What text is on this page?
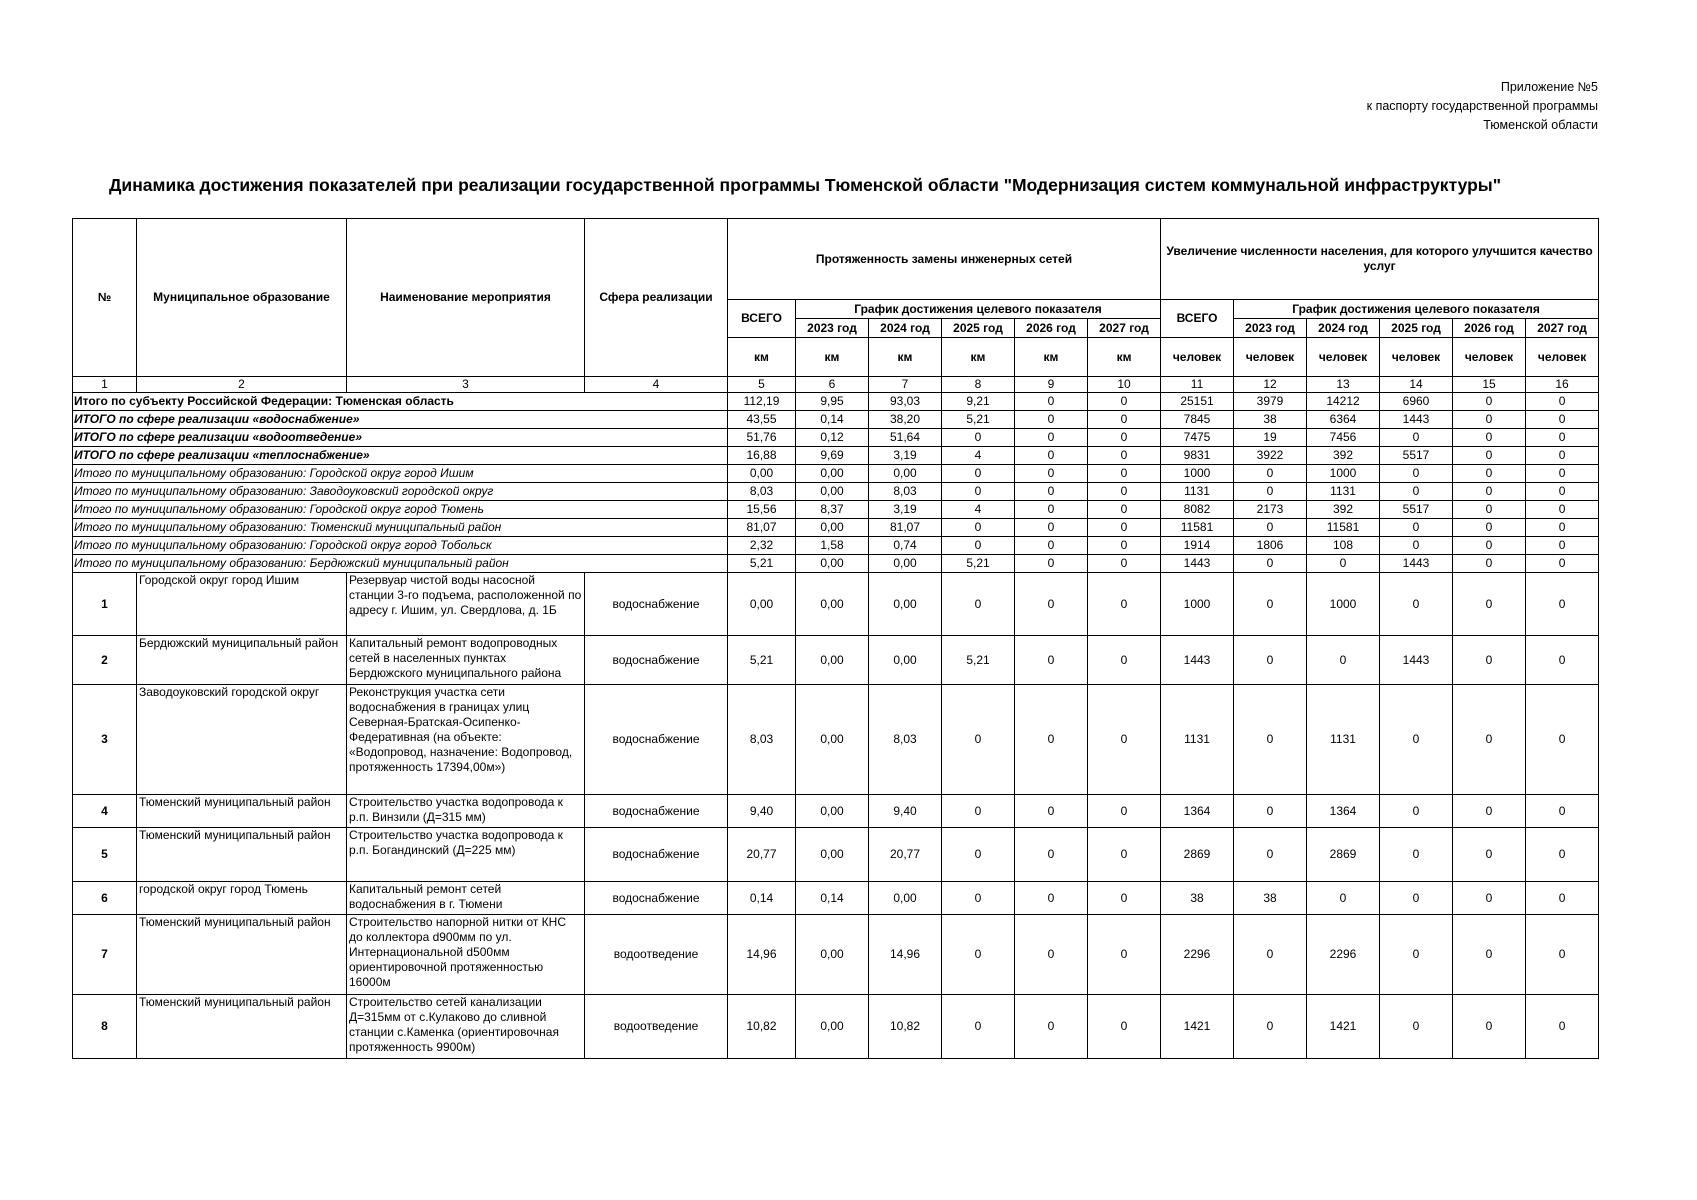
Приложение №5
к паспорту государственной программы
Тюменской области
Динамика достижения показателей при реализации государственной программы Тюменской области "Модернизация систем коммунальной инфраструктуры"
№	Муниципальное образование	Наименование мероприятия	Сфера реализации	Протяженность замены инженерных сетей						Увеличение численности населения, для которого улучшится качество услуг					
				ВСЕГО	График достижения целевого показателя					ВСЕГО	График достижения целевого показателя				
					2023 год	2024 год	2025 год	2026 год	2027 год		2023 год	2024 год	2025 год	2026 год	2027 год
				км	км	км	км	км	км	человек	человек	человек	человек	человек	человек
1	2	3	4	5	6	7	8	9	10	11	12	13	14	15	16
Итого по субъекту Российской Федерации: Тюменская область				112,19	9,95	93,03	9,21	0	0	25151	3979	14212	6960	0	0
ИТОГО по сфере реализации «водоснабжение»				43,55	0,14	38,20	5,21	0	0	7845	38	6364	1443	0	0
ИТОГО по сфере реализации «водоотведение»				51,76	0,12	51,64	0	0	0	7475	19	7456	0	0	0
ИТОГО по сфере реализации «теплоснабжение»				16,88	9,69	3,19	4	0	0	9831	3922	392	5517	0	0
Итого по муниципальному образованию: Городской округ город Ишим				0,00	0,00	0,00	0	0	0	1000	0	1000	0	0	0
Итого по муниципальному образованию: Заводоуковский городской округ				8,03	0,00	8,03	0	0	0	1131	0	1131	0	0	0
Итого по муниципальному образованию: Городской округ город Тюмень				15,56	8,37	3,19	4	0	0	8082	2173	392	5517	0	0
Итого по муниципальному образованию: Тюменский муниципальный район				81,07	0,00	81,07	0	0	0	11581	0	11581	0	0	0
Итого по муниципальному образованию: Городской округ город Тобольск				2,32	1,58	0,74	0	0	0	1914	1806	108	0	0	0
Итого по муниципальному образованию: Бердюжский муниципальный район				5,21	0,00	0,00	5,21	0	0	1443	0	0	1443	0	0
1	Городской округ город Ишим	Резервуар чистой воды насосной станции 3-го подъема, расположенной по адресу г. Ишим, ул. Свердлова, д. 1Б	водоснабжение	0,00	0,00	0,00	0	0	0	1000	0	1000	0	0	0
2	Бердюжский муниципальный район	Капитальный ремонт водопроводных сетей в населенных пунктах Бердюжского муниципального района	водоснабжение	5,21	0,00	0,00	5,21	0	0	1443	0	0	1443	0	0
3	Заводоуковский городской округ	Реконструкция участка сети водоснабжения в границах улиц Северная-Братская-Осипенко-Федеративная (на объекте: «Водопровод, назначение: Водопровод, протяженность 17394,00м»)	водоснабжение	8,03	0,00	8,03	0	0	0	1131	0	1131	0	0	0
4	Тюменский муниципальный район	Строительство участка водопровода к р.п. Винзили (Д=315 мм)	водоснабжение	9,40	0,00	9,40	0	0	0	1364	0	1364	0	0	0
5	Тюменский муниципальный район	Строительство участка водопровода к р.п. Богандинский (Д=225 мм)	водоснабжение	20,77	0,00	20,77	0	0	0	2869	0	2869	0	0	0
6	городской округ город Тюмень	Капитальный ремонт сетей водоснабжения в г. Тюмени	водоснабжение	0,14	0,14	0,00	0	0	0	38	38	0	0	0	0
7	Тюменский муниципальный район	Строительство напорной нитки от КНС до коллектора d900мм по ул. Интернациональной d500мм ориентировочной протяженностью 16000м	водоотведение	14,96	0,00	14,96	0	0	0	2296	0	2296	0	0	0
8	Тюменский муниципальный район	Строительство сетей канализации Д=315мм от с.Кулаково до сливной станции с.Каменка (ориентировочная протяженность 9900м)	водоотведение	10,82	0,00	10,82	0	0	0	1421	0	1421	0	0	0
